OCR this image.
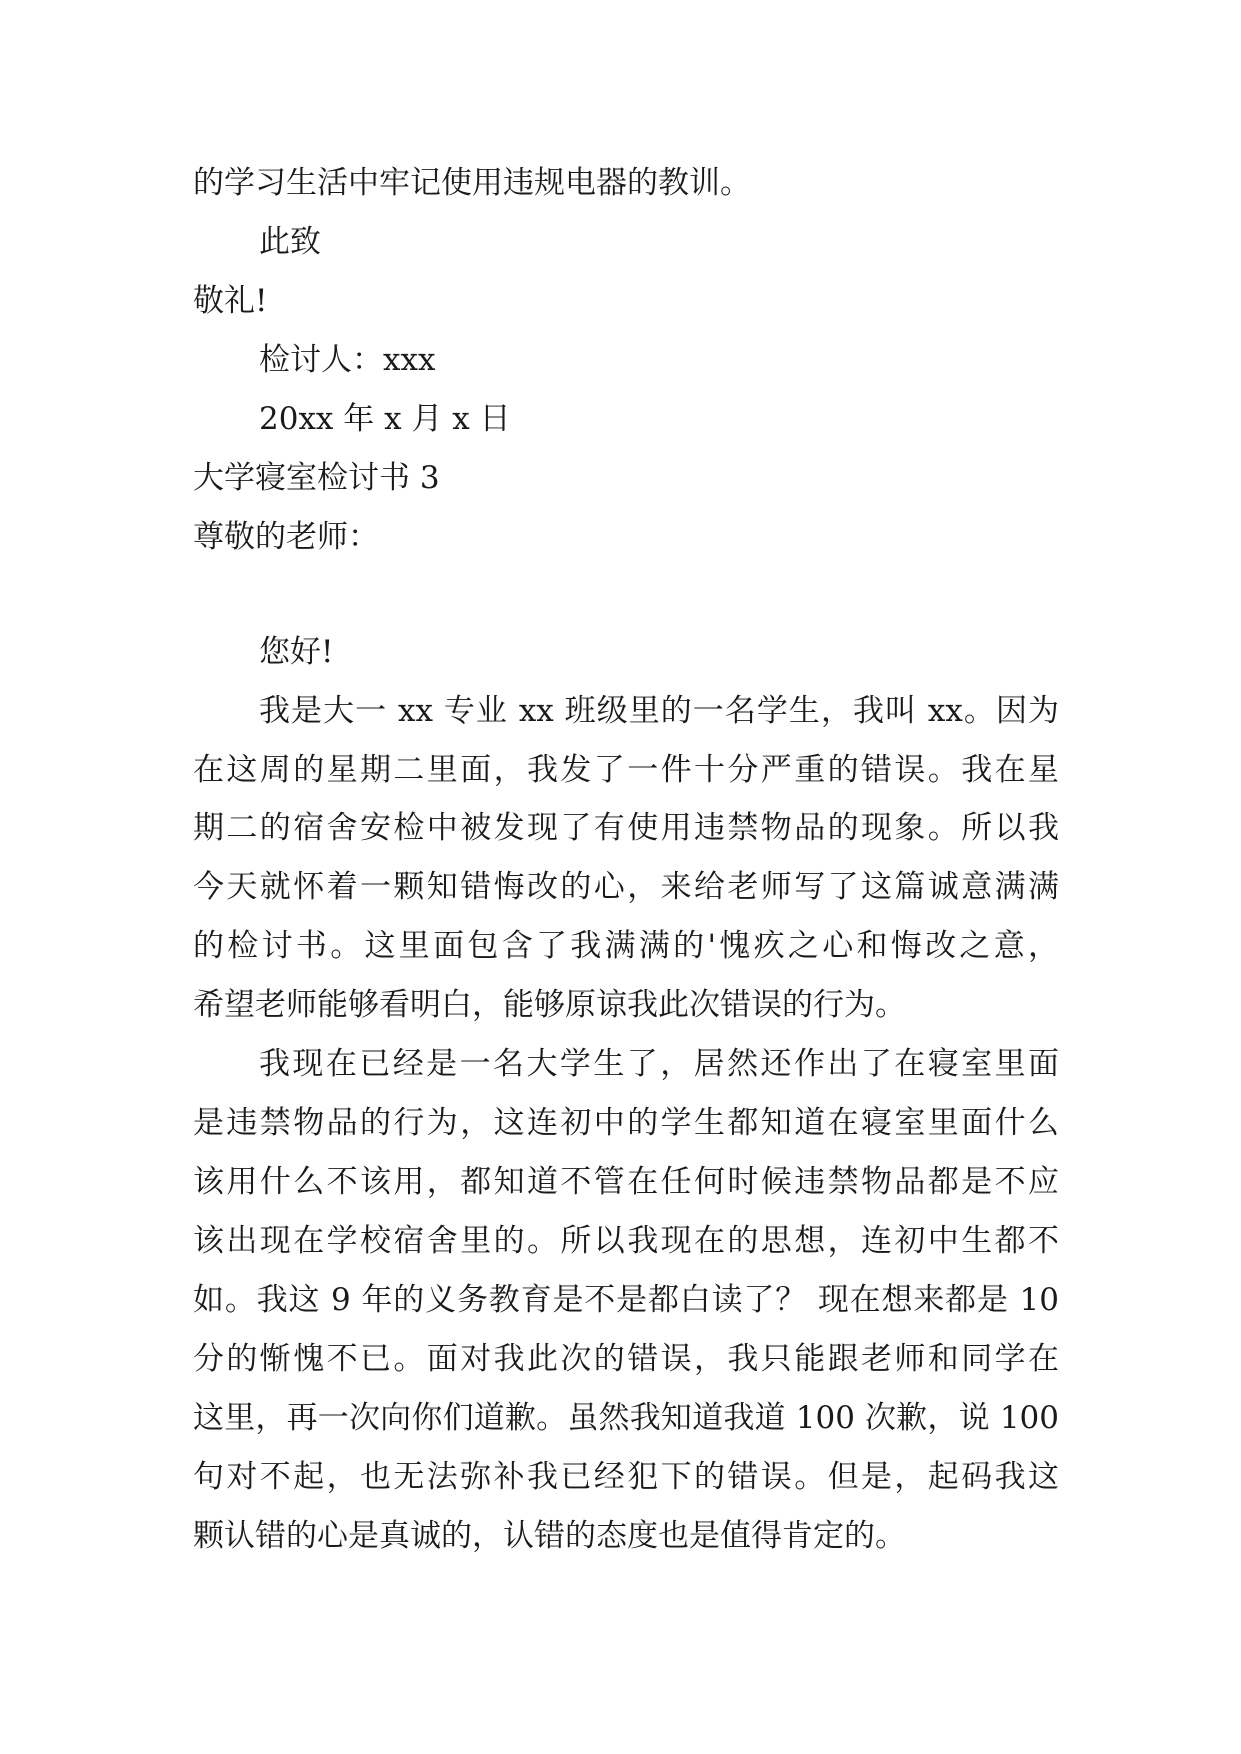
的学习生活中牢记使用违规电器的教训。
此致
敬礼!
检讨人：xxx
20xx 年 x 月 x 日
大学寝室检讨书 3
尊敬的老师：
您好!
我是大一 xx 专业 xx 班级里的一名学生，我叫 xx。因为
在这周的星期二里面，我发了一件十分严重的错误。我在星
期二的宿舍安检中被发现了有使用违禁物品的现象。所以我
今天就怀着一颗知错悔改的心，来给老师写了这篇诚意满满
的检讨书。这里面包含了我满满的'愧疚之心和悔改之意，
希望老师能够看明白，能够原谅我此次错误的行为。
我现在已经是一名大学生了，居然还作出了在寝室里面
是违禁物品的行为，这连初中的学生都知道在寝室里面什么
该用什么不该用，都知道不管在任何时候违禁物品都是不应
该出现在学校宿舍里的。所以我现在的思想，连初中生都不
如。我这 9 年的义务教育是不是都白读了？ 现在想来都是 10
分的惭愧不已。面对我此次的错误，我只能跟老师和同学在
这里，再一次向你们道歉。虽然我知道我道 100 次歉，说 100
句对不起，也无法弥补我已经犯下的错误。但是，起码我这
颗认错的心是真诚的，认错的态度也是值得肯定的。
